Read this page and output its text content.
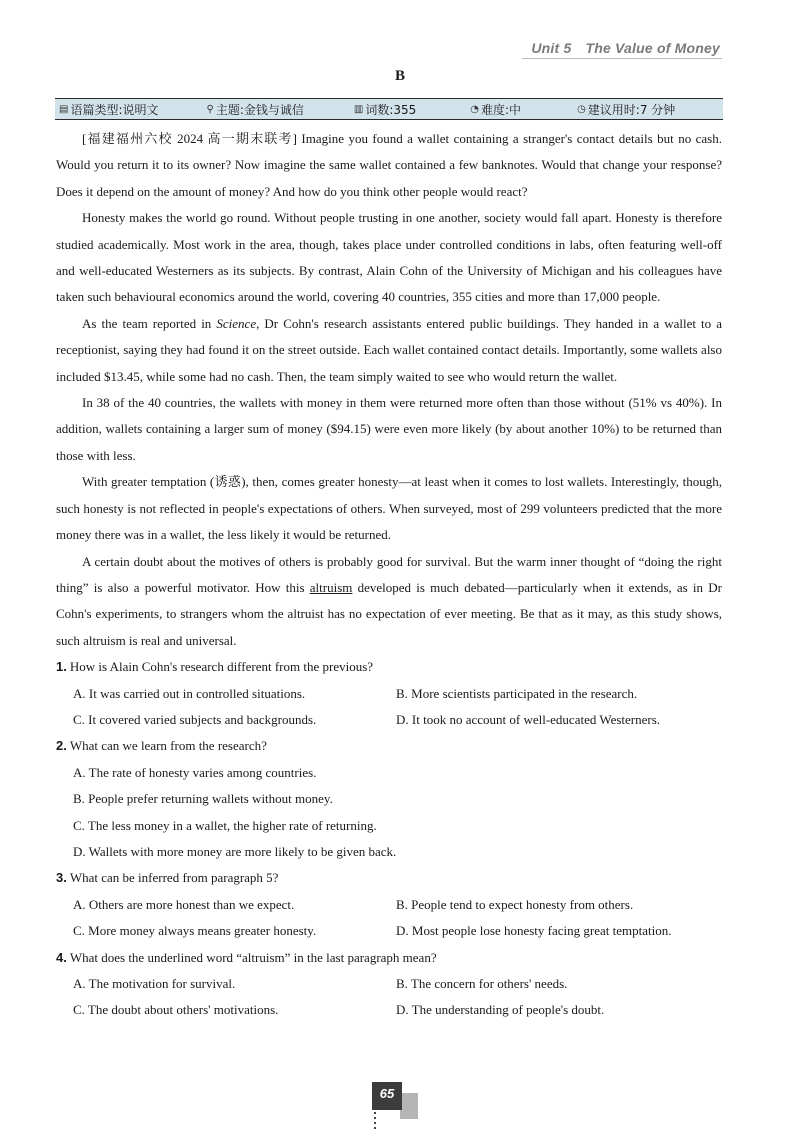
Unit 5 The Value of Money
B
▤ 语篇类型:说明文	⚲ 主题:金钱与诚信	▥ 词数:355	◔ 难度:中	◷ 建议用时:7 分钟

[福建福州六校 2024 高一期末联考] Imagine you found a wallet containing a stranger's contact details but no cash. Would you return it to its owner? Now imagine the same wallet contained a few banknotes. Would that change your response? Does it depend on the amount of money? And how do you think other people would react?

Honesty makes the world go round. Without people trusting in one another, society would fall apart. Honesty is therefore studied academically. Most work in the area, though, takes place under controlled conditions in labs, often featuring well-off and well-educated Westerners as its subjects. By contrast, Alain Cohn of the University of Michigan and his colleagues have taken such behavioural economics around the world, covering 40 countries, 355 cities and more than 17,000 people.

As the team reported in Science, Dr Cohn's research assistants entered public buildings. They handed in a wallet to a receptionist, saying they had found it on the street outside. Each wallet contained contact details. Importantly, some wallets also included $13.45, while some had no cash. Then, the team simply waited to see who would return the wallet.

In 38 of the 40 countries, the wallets with money in them were returned more often than those without (51% vs 40%). In addition, wallets containing a larger sum of money ($94.15) were even more likely (by about another 10%) to be returned than those with less.

With greater temptation (诱惑), then, comes greater honesty—at least when it comes to lost wallets. Interestingly, though, such honesty is not reflected in people's expectations of others. When surveyed, most of 299 volunteers predicted that the more money there was in a wallet, the less likely it would be returned.

A certain doubt about the motives of others is probably good for survival. But the warm inner thought of “doing the right thing” is also a powerful motivator. How this altruism developed is much debated—particularly when it extends, as in Dr Cohn's experiments, to strangers whom the altruist has no expectation of ever meeting. Be that as it may, as this study shows, such altruism is real and universal.

1. How is Alain Cohn's research different from the previous?

A. It was carried out in controlled situations.	B. More scientists participated in the research.

C. It covered varied subjects and backgrounds.	D. It took no account of well-educated Westerners.

2. What can we learn from the research?

A. The rate of honesty varies among countries.

B. People prefer returning wallets without money.

C. The less money in a wallet, the higher rate of returning.

D. Wallets with more money are more likely to be given back.

3. What can be inferred from paragraph 5?

A. Others are more honest than we expect.	B. People tend to expect honesty from others.

C. More money always means greater honesty.	D. Most people lose honesty facing great temptation.

4. What does the underlined word “altruism” in the last paragraph mean?

A. The motivation for survival.	B. The concern for others' needs.

C. The doubt about others' motivations.	D. The understanding of people's doubt.

65
